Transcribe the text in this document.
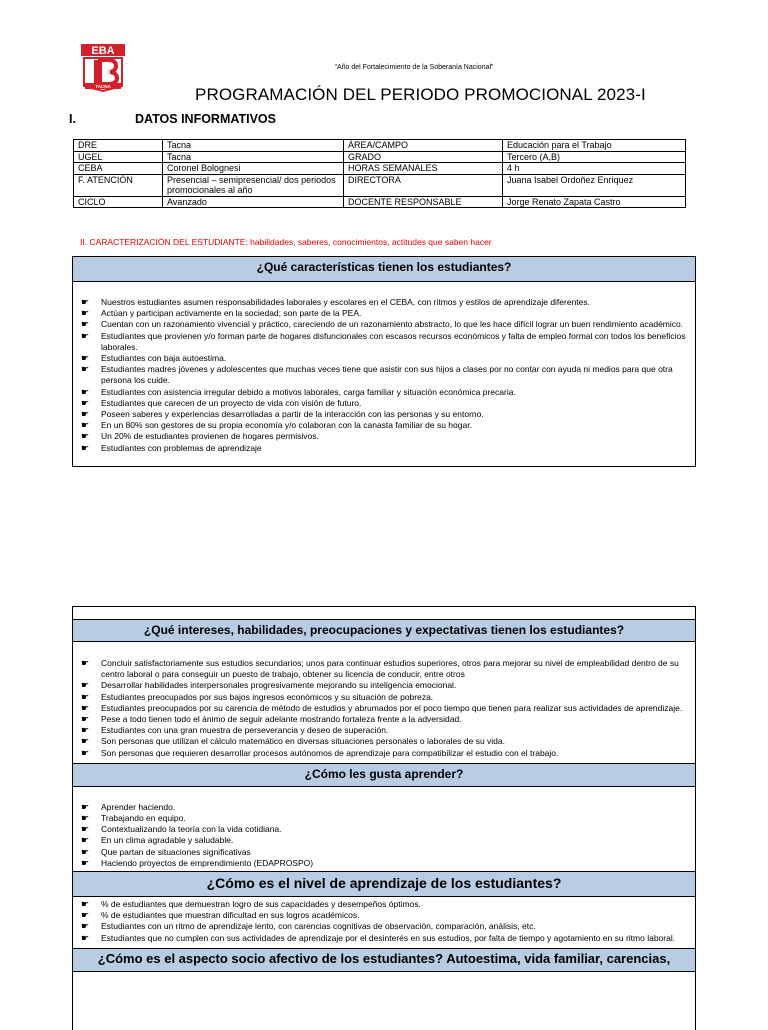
EBA
TACNA
“Año del Fortalecimiento de la Soberanía Nacional”
PROGRAMACIÓN DEL PERIODO PROMOCIONAL 2023-I
I.	DATOS INFORMATIVOS
DRE	Tacna	ÁREA/CAMPO	Educación para el Trabajo
UGEL	Tacna	GRADO	Tercero (A,B)
CEBA	Coronel Bolognesi	HORAS SEMANALES	4 h
F. ATENCIÓN	Presencial – semipresencial/ dos periodos promocionales al año	DIRECTORA	Juana Isabel Ordoñez Enriquez
CICLO	Avanzado	DOCENTE RESPONSABLE	Jorge Renato Zapata Castro
II. CARACTERIZACIÓN DEL ESTUDIANTE: habilidades, saberes, conocimientos, actitudes que saben hacer
¿Qué características tienen los estudiantes?
☛ Nuestros estudiantes asumen responsabilidades laborales y escolares en el CEBA, con ritmos y estilos de aprendizaje diferentes.
☛ Actúan y participan activamente en la sociedad; son parte de la PEA.
☛ Cuentan con un razonamiento vivencial y práctico, careciendo de un razonamiento abstracto, lo que les hace difícil lograr un buen rendimiento académico.
☛ Estudiantes que provienen y/o forman parte de hogares disfuncionales con escasos recursos económicos y falta de empleo formal con todos los beneficios laborales.
☛ Estudiantes con baja autoestima.
☛ Estudiantes madres jóvenes y adolescentes que muchas veces tiene que asistir con sus hijos a clases por no contar con ayuda ni medios para que otra persona los cuide.
☛ Estudiantes con asistencia irregular debido a motivos laborales, carga familiar y situación económica precaria.
☛ Estudiantes que carecen de un proyecto de vida con visión de futuro.
☛ Poseen saberes y experiencias desarrolladas a partir de la interacción con las personas y su entorno.
☛ En un 80% son gestores de su propia economía y/o colaboran con la canasta familiar de su hogar.
☛ Un 20% de estudiantes provienen de hogares permisivos.
☛ Estudiantes con problemas de aprendizaje
¿Qué intereses, habilidades, preocupaciones y expectativas tienen los estudiantes?
☛ Concluir satisfactoriamente sus estudios secundarios; unos para continuar estudios superiores, otros para mejorar su nivel de empleabilidad dentro de su centro laboral o para conseguir un puesto de trabajo, obtener su licencia de conducir, entre otros
☛ Desarrollar habilidades interpersonales progresivamente mejorando su inteligencia emocional.
☛ Estudiantes preocupados por sus bajos ingresos económicos y su situación de pobreza.
☛ Estudiantes preocupados por su carencia de método de estudios y abrumados por el poco tiempo que tienen para realizar sus actividades de aprendizaje.
☛ Pese a todo tienen todo el ánimo de seguir adelante mostrando fortaleza frente a la adversidad.
☛ Estudiantes con una gran muestra de perseverancia y deseo de superación.
☛ Son personas que utilizan el cálculo matemático en diversas situaciones personales o laborales de su vida.
☛ Son personas que requieren desarrollar procesos autónomos de aprendizaje para compatibilizar el estudio con el trabajo.
¿Cómo les gusta aprender?
☛ Aprender haciendo.
☛ Trabajando en equipo.
☛ Contextualizando la teoría con la vida cotidiana.
☛ En un clima agradable y saludable.
☛ Que partan de situaciones significativas
☛ Haciendo proyectos de emprendimiento (EDAPROSPO)
¿Cómo es el nivel de aprendizaje de los estudiantes?
☛ % de estudiantes que demuestran logro de sus capacidades y desempeños óptimos.
☛ % de estudiantes que muestran dificultad en sus logros académicos.
☛ Estudiantes con un ritmo de aprendizaje lento, con carencias cognitivas de observación, comparación, análisis, etc.
☛ Estudiantes que no cumplen con sus actividades de aprendizaje por el desinterés en sus estudios, por falta de tiempo y agotamiento en su ritmo laboral.
¿Cómo es el aspecto socio afectivo de los estudiantes? Autoestima, vida familiar, carencias,
